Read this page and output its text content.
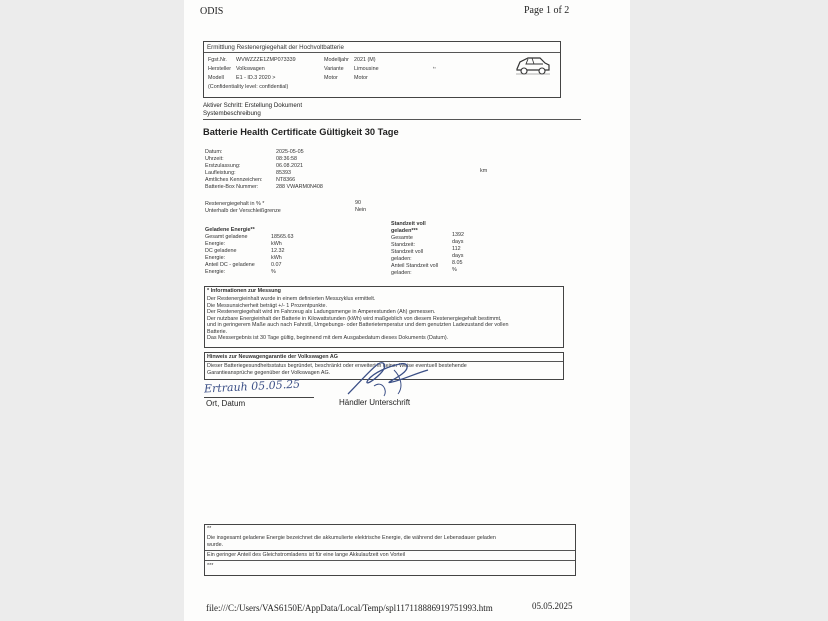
ODIS	Page 1 of 2
Ermittlung Restenergiegehalt der Hochvoltbatterie
Fgst.Nr. WVWZZZE1ZMP073339	Modelljahr 2021 (M)
Hersteller Volkswagen	Variante Limousine
Modell E1 - ID.3 2020 >	Motor	Motor
(Confidentiality level: confidential)
ʹ'
Aktiver Schritt: Erstellung Dokument
Systembeschreibung
Batterie Health Certificate Gültigkeit 30 Tage
Datum:	2025-05-05
Uhrzeit:	08:36:58
Erstzulassung:	06.08.2021
Laufleistung:	85393	km
Amtliches Kennzeichen: NT8366
Batterie-Box Nummer:	288 VWARM0N408
Restenergiegehalt in % *	90
Unterhalb der Verschleißgrenze	Nein
Geladene Energie**
Gesamt geladene	18565.63
Energie:	kWh
DC geladene	12.32
Energie:	kWh
Anteil DC - geladene	0.07
Energie:	%
Standzeit voll geladen***
Gesamte	1392
Standzeit:	days
Standzeit voll	112
geladen:	days
Anteil Standzeit voll	8.05
geladen:	%
* Informationen zur Messung
Der Restenergieinhalt wurde in einem definierten Messzyklus ermittelt.
Die Messunsicherheit beträgt +/- 1 Prozentpunkte.
Der Restenergiegehalt wird im Fahrzeug als Ladungsmenge in Amperestunden (Ah) gemessen.
Der nutzbare Energieinhalt der Batterie in Kilowattstunden (kWh) wird maßgeblich von diesem Restenergiegehalt bestimmt,
und in geringerem Maße auch nach Fahrstil, Umgebungs- oder Batterietemperatur und dem genutzten Ladezustand der vollen
Batterie.
Das Messergebnis ist 30 Tage gültig, beginnend mit dem Ausgabedatum dieses Dokuments (Datum).
Hinweis zur Neuwagengarantie der Volkswagen AG
Dieser Batteriegesundheitsstatus begründet, beschränkt oder erweitert in keiner Weise eventuell bestehende
Garantieansprüche gegenüber der Volkswagen AG.
Ort, Datum	Händler Unterschrift
Ertrauh 05.05.25
**
Die insgesamt geladene Energie bezeichnet die akkumulierte elektrische Energie, die während der Lebensdauer geladen
wurde.
Ein geringer Anteil des Gleichstromladens ist für eine lange Akkulaufzeit von Vorteil
***
file:///C:/Users/VAS6150E/AppData/Local/Temp/spl11711888691975199​3.htm	05.05.2025
